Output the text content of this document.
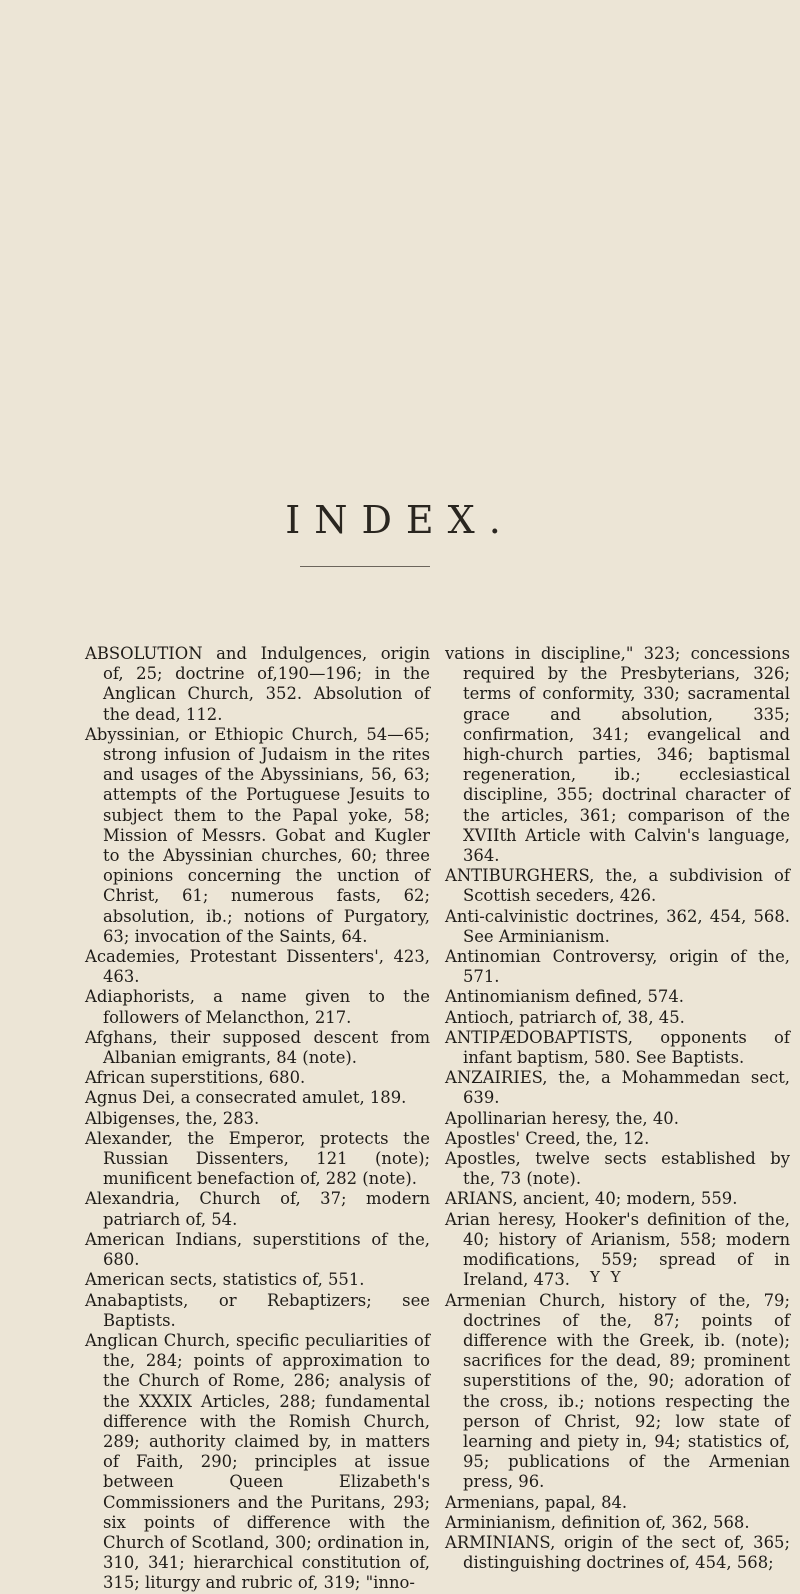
INDEX.

ABSOLUTION and Indulgences, origin of, 25; doctrine of,190—196; in the Anglican Church, 352. Absolution of the dead, 112.

Abyssinian, or Ethiopic Church, 54—65; strong infusion of Judaism in the rites and usages of the Abyssinians, 56, 63; attempts of the Portuguese Jesuits to subject them to the Papal yoke, 58; Mission of Messrs. Gobat and Kugler to the Abyssinian churches, 60; three opinions concerning the unction of Christ, 61; numerous fasts, 62; absolution, ib.; notions of Purgatory, 63; invocation of the Saints, 64.

Academies, Protestant Dissenters', 423, 463.

Adiaphorists, a name given to the followers of Melancthon, 217.

Afghans, their supposed descent from Albanian emigrants, 84 (note).

African superstitions, 680.

Agnus Dei, a consecrated amulet, 189.

Albigenses, the, 283.

Alexander, the Emperor, protects the Russian Dissenters, 121 (note); munificent benefaction of, 282 (note).

Alexandria, Church of, 37; modern patriarch of, 54.

American Indians, superstitions of the, 680.

American sects, statistics of, 551.

Anabaptists, or Rebaptizers; see Baptists.

Anglican Church, specific peculiarities of the, 284; points of approximation to the Church of Rome, 286; analysis of the XXXIX Articles, 288; fundamental difference with the Romish Church, 289; authority claimed by, in matters of Faith, 290; principles at issue between Queen Elizabeth's Commissioners and the Puritans, 293; six points of difference with the Church of Scotland, 300; ordination in, 310, 341; hierarchical constitution of, 315; liturgy and rubric of, 319; "inno-

vations in discipline," 323; concessions required by the Presbyterians, 326; terms of conformity, 330; sacramental grace and absolution, 335; confirmation, 341; evangelical and high-church parties, 346; baptismal regeneration, ib.; ecclesiastical discipline, 355; doctrinal character of the articles, 361; comparison of the XVIIth Article with Calvin's language, 364.

ANTIBURGHERS, the, a subdivision of Scottish seceders, 426.

Anti-calvinistic doctrines, 362, 454, 568. See Arminianism.

Antinomian Controversy, origin of the, 571.

Antinomianism defined, 574.

Antioch, patriarch of, 38, 45.

ANTIPÆDOBAPTISTS, opponents of infant baptism, 580. See Baptists.

ANZAIRIES, the, a Mohammedan sect, 639.

Apollinarian heresy, the, 40.

Apostles' Creed, the, 12.

Apostles, twelve sects established by the, 73 (note).

ARIANS, ancient, 40; modern, 559.

Arian heresy, Hooker's definition of the, 40; history of Arianism, 558; modern modifications, 559; spread of in Ireland, 473.

Armenian Church, history of the, 79; doctrines of the, 87; points of difference with the Greek, ib. (note); sacrifices for the dead, 89; prominent superstitions of the, 90; adoration of the cross, ib.; notions respecting the person of Christ, 92; low state of learning and piety in, 94; statistics of, 95; publications of the Armenian press, 96.

Armenians, papal, 84.

Arminianism, definition of, 362, 568.

ARMINIANS, origin of the sect of, 365; distinguishing doctrines of, 454, 568;

Y Y
